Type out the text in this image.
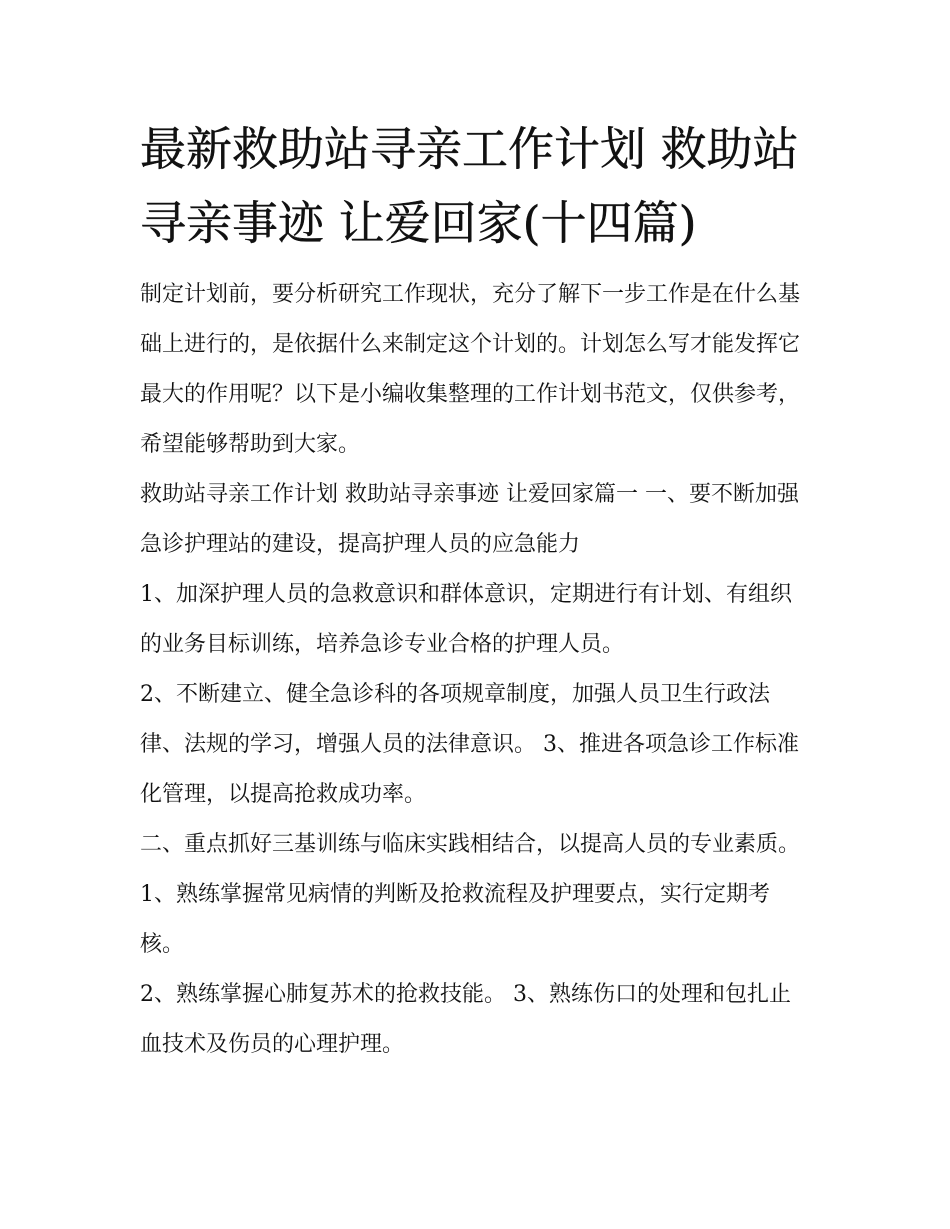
最新救助站寻亲工作计划 救助站寻亲事迹 让爱回家(十四篇)

制定计划前，要分析研究工作现状，充分了解下一步工作是在什么基础上进行的，是依据什么来制定这个计划的。计划怎么写才能发挥它最大的作用呢？以下是小编收集整理的工作计划书范文，仅供参考，希望能够帮助到大家。

救助站寻亲工作计划 救助站寻亲事迹 让爱回家篇一 一、要不断加强急诊护理站的建设，提高护理人员的应急能力

1、加深护理人员的急救意识和群体意识，定期进行有计划、有组织的业务目标训练，培养急诊专业合格的护理人员。

2、不断建立、健全急诊科的各项规章制度，加强人员卫生行政法律、法规的学习，增强人员的法律意识。 3、推进各项急诊工作标准化管理，以提高抢救成功率。

二、重点抓好三基训练与临床实践相结合，以提高人员的专业素质。 1、熟练掌握常见病情的判断及抢救流程及护理要点，实行定期考核。

2、熟练掌握心肺复苏术的抢救技能。 3、熟练伤口的处理和包扎止血技术及伤员的心理护理。
